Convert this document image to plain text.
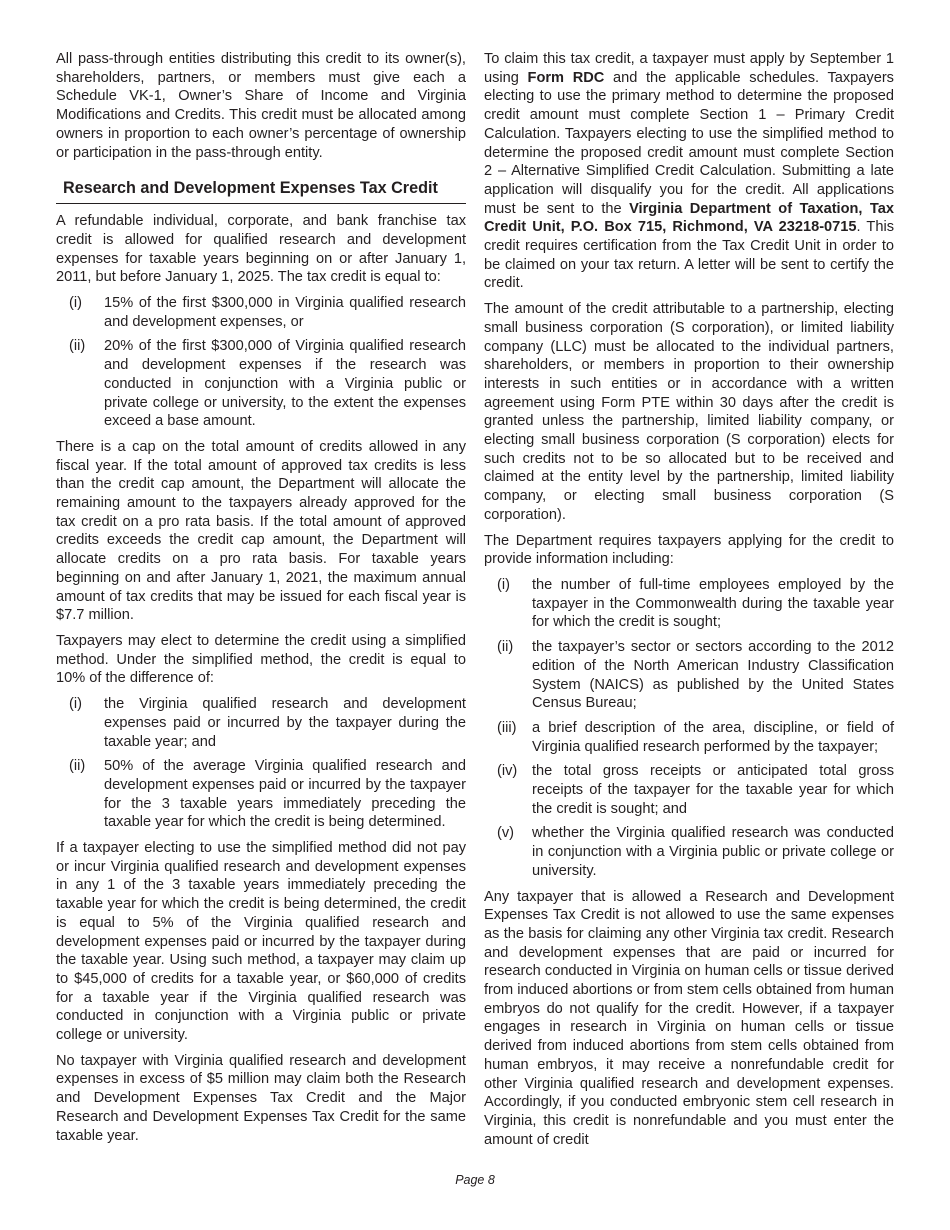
All pass-through entities distributing this credit to its owner(s), shareholders, partners, or members must give each a Schedule VK-1, Owner’s Share of Income and Virginia Modifications and Credits. This credit must be allocated among owners in proportion to each owner’s percentage of ownership or participation in the pass-through entity.

Research and Development Expenses Tax Credit

A refundable individual, corporate, and bank franchise tax credit is allowed for qualified research and development expenses for taxable years beginning on or after January 1, 2011, but before January 1, 2025. The tax credit is equal to:

(i)	15% of the first $300,000 in Virginia qualified research and development expenses, or
(ii)	20% of the first $300,000 of Virginia qualified research and development expenses if the research was conducted in conjunction with a Virginia public or private college or university, to the extent the expenses exceed a base amount.

There is a cap on the total amount of credits allowed in any fiscal year. If the total amount of approved tax credits is less than the credit cap amount, the Department will allocate the remaining amount to the taxpayers already approved for the tax credit on a pro rata basis. If the total amount of approved credits exceeds the credit cap amount, the Department will allocate credits on a pro rata basis. For taxable years beginning on and after January 1, 2021, the maximum annual amount of tax credits that may be issued for each fiscal year is $7.7 million.

Taxpayers may elect to determine the credit using a simplified method. Under the simplified method, the credit is equal to 10% of the difference of:

(i)	the Virginia qualified research and development expenses paid or incurred by the taxpayer during the taxable year; and
(ii)	50% of the average Virginia qualified research and development expenses paid or incurred by the taxpayer for the 3 taxable years immediately preceding the taxable year for which the credit is being determined.

If a taxpayer electing to use the simplified method did not pay or incur Virginia qualified research and development expenses in any 1 of the 3 taxable years immediately preceding the taxable year for which the credit is being determined, the credit is equal to 5% of the Virginia qualified research and development expenses paid or incurred by the taxpayer during the taxable year. Using such method, a taxpayer may claim up to $45,000 of credits for a taxable year, or $60,000 of credits for a taxable year if the Virginia qualified research was conducted in conjunction with a Virginia public or private college or university.

No taxpayer with Virginia qualified research and development expenses in excess of $5 million may claim both the Research and Development Expenses Tax Credit and the Major Research and Development Expenses Tax Credit for the same taxable year.

To claim this tax credit, a taxpayer must apply by September 1 using Form RDC and the applicable schedules. Taxpayers electing to use the primary method to determine the proposed credit amount must complete Section 1 – Primary Credit Calculation. Taxpayers electing to use the simplified method to determine the proposed credit amount must complete Section 2 – Alternative Simplified Credit Calculation. Submitting a late application will disqualify you for the credit. All applications must be sent to the Virginia Department of Taxation, Tax Credit Unit, P.O. Box 715, Richmond, VA 23218-0715. This credit requires certification from the Tax Credit Unit in order to be claimed on your tax return. A letter will be sent to certify the credit.

The amount of the credit attributable to a partnership, electing small business corporation (S corporation), or limited liability company (LLC) must be allocated to the individual partners, shareholders, or members in proportion to their ownership interests in such entities or in accordance with a written agreement using Form PTE within 30 days after the credit is granted unless the partnership, limited liability company, or electing small business corporation (S corporation) elects for such credits not to be so allocated but to be received and claimed at the entity level by the partnership, limited liability company, or electing small business corporation (S corporation).

The Department requires taxpayers applying for the credit to provide information including:

(i)	the number of full-time employees employed by the taxpayer in the Commonwealth during the taxable year for which the credit is sought;
(ii)	the taxpayer’s sector or sectors according to the 2012 edition of the North American Industry Classification System (NAICS) as published by the United States Census Bureau;
(iii)	a brief description of the area, discipline, or field of Virginia qualified research performed by the taxpayer;
(iv)	the total gross receipts or anticipated total gross receipts of the taxpayer for the taxable year for which the credit is sought; and
(v)	whether the Virginia qualified research was conducted in conjunction with a Virginia public or private college or university.

Any taxpayer that is allowed a Research and Development Expenses Tax Credit is not allowed to use the same expenses as the basis for claiming any other Virginia tax credit. Research and development expenses that are paid or incurred for research conducted in Virginia on human cells or tissue derived from induced abortions or from stem cells obtained from human embryos do not qualify for the credit. However, if a taxpayer engages in research in Virginia on human cells or tissue derived from induced abortions from stem cells obtained from human embryos, it may receive a nonrefundable credit for other Virginia qualified research and development expenses. Accordingly, if you conducted embryonic stem cell research in Virginia, this credit is nonrefundable and you must enter the amount of credit

Page 8
